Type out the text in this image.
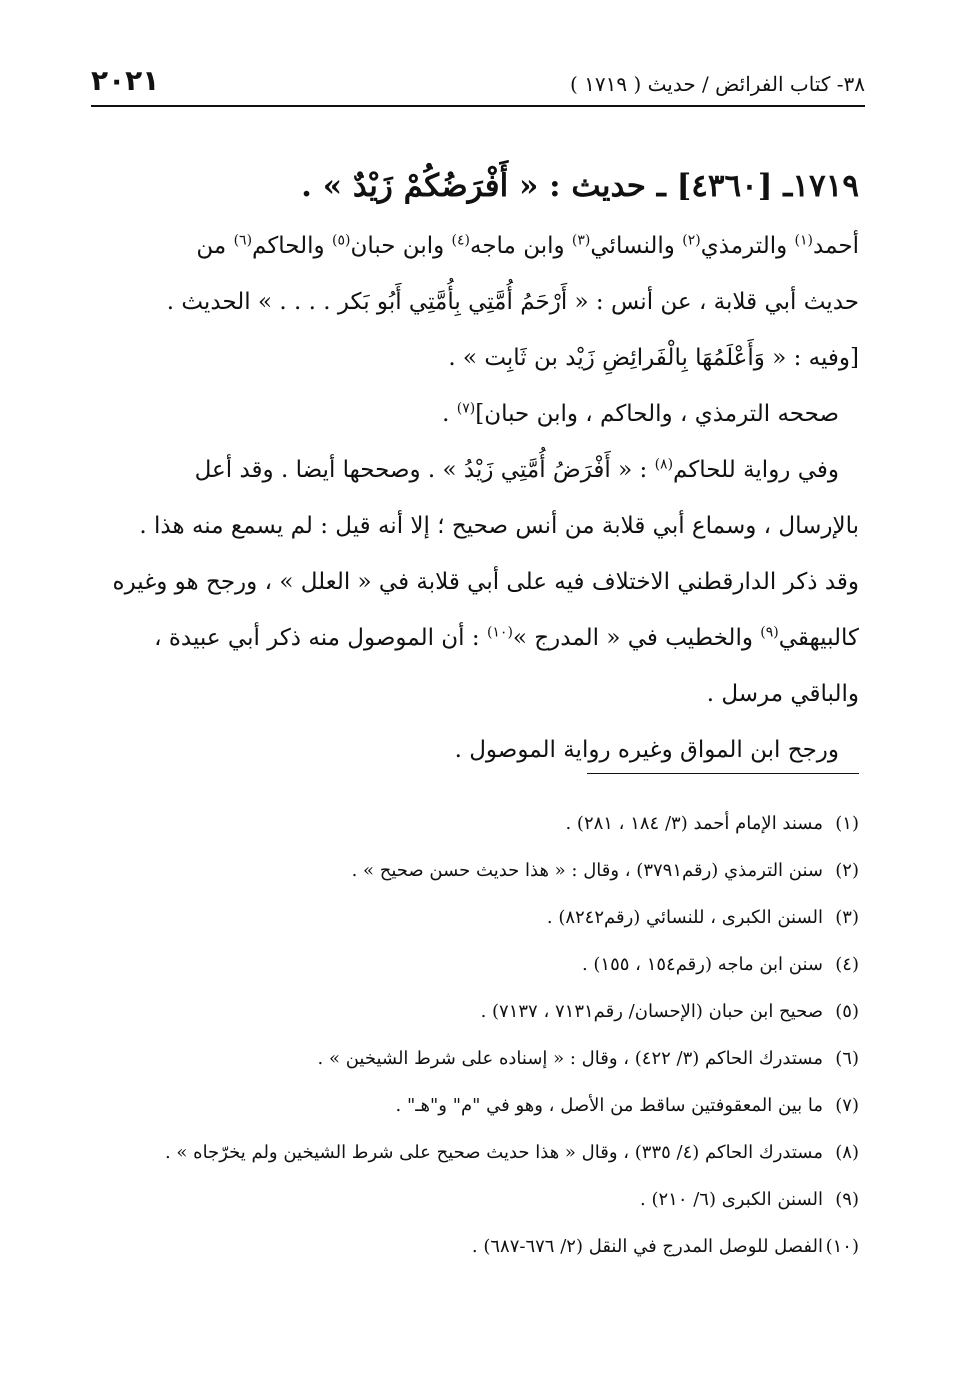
٣٨- كتاب الفرائض / حديث ( ١٧١٩ )
٢٠٢١
١٧١٩ـ [٤٣٦٠] ـ حديث : « أَفْرَضُكُمْ زَيْدٌ » .
أحمد$^{(١)}$ والترمذي$^{(٢)}$ والنسائي$^{(٣)}$ وابن ماجه$^{(٤)}$ وابن حبان$^{(٥)}$ والحاكم$^{(٦)}$ من
حديث أبي قلابة ، عن أنس : « أَرْحَمُ أُمَّتِي بِأُمَّتِي أَبُو بَكر . . . . » الحديث .
[وفيه : « وَأَعْلَمُهَا بِالْفَرائِضِ زَيْد بن ثَابِت » .
صححه الترمذي ، والحاكم ، وابن حبان]$^{(٧)}$ .
وفي رواية للحاكم$^{(٨)}$ : « أَفْرَضُ أُمَّتِي زَيْدُ » . وصححها أيضا . وقد أعل
بالإرسال ، وسماع أبي قلابة من أنس صحيح ؛ إلا أنه قيل : لم يسمع منه هذا .
وقد ذكر الدارقطني الاختلاف فيه على أبي قلابة في « العلل » ، ورجح هو وغيره
كالبيهقي$^{(٩)}$ والخطيب في « المدرج »$^{(١٠)}$ : أن الموصول منه ذكر أبي عبيدة ،
والباقي مرسل .
ورجح ابن المواق وغيره رواية الموصول .
(١)مسند الإمام أحمد (٣/ ١٨٤ ، ٢٨١) .
(٢)سنن الترمذي (رقم٣٧٩١) ، وقال : « هذا حديث حسن صحيح » .
(٣)السنن الكبرى ، للنسائي (رقم٨٢٤٢) .
(٤)سنن ابن ماجه (رقم١٥٤ ، ١٥٥) .
(٥)صحيح ابن حبان (الإحسان/ رقم٧١٣١ ، ٧١٣٧) .
(٦)مستدرك الحاكم (٣/ ٤٢٢) ، وقال : « إسناده على شرط الشيخين » .
(٧)ما بين المعقوفتين ساقط من الأصل ، وهو في "م" و"هـ" .
(٨)مستدرك الحاكم (٤/ ٣٣٥) ، وقال « هذا حديث صحيح على شرط الشيخين ولم يخرّجاه » .
(٩)السنن الكبرى (٦/ ٢١٠) .
(١٠)الفصل للوصل المدرج في النقل (٢/ ٦٧٦-٦٨٧) .
